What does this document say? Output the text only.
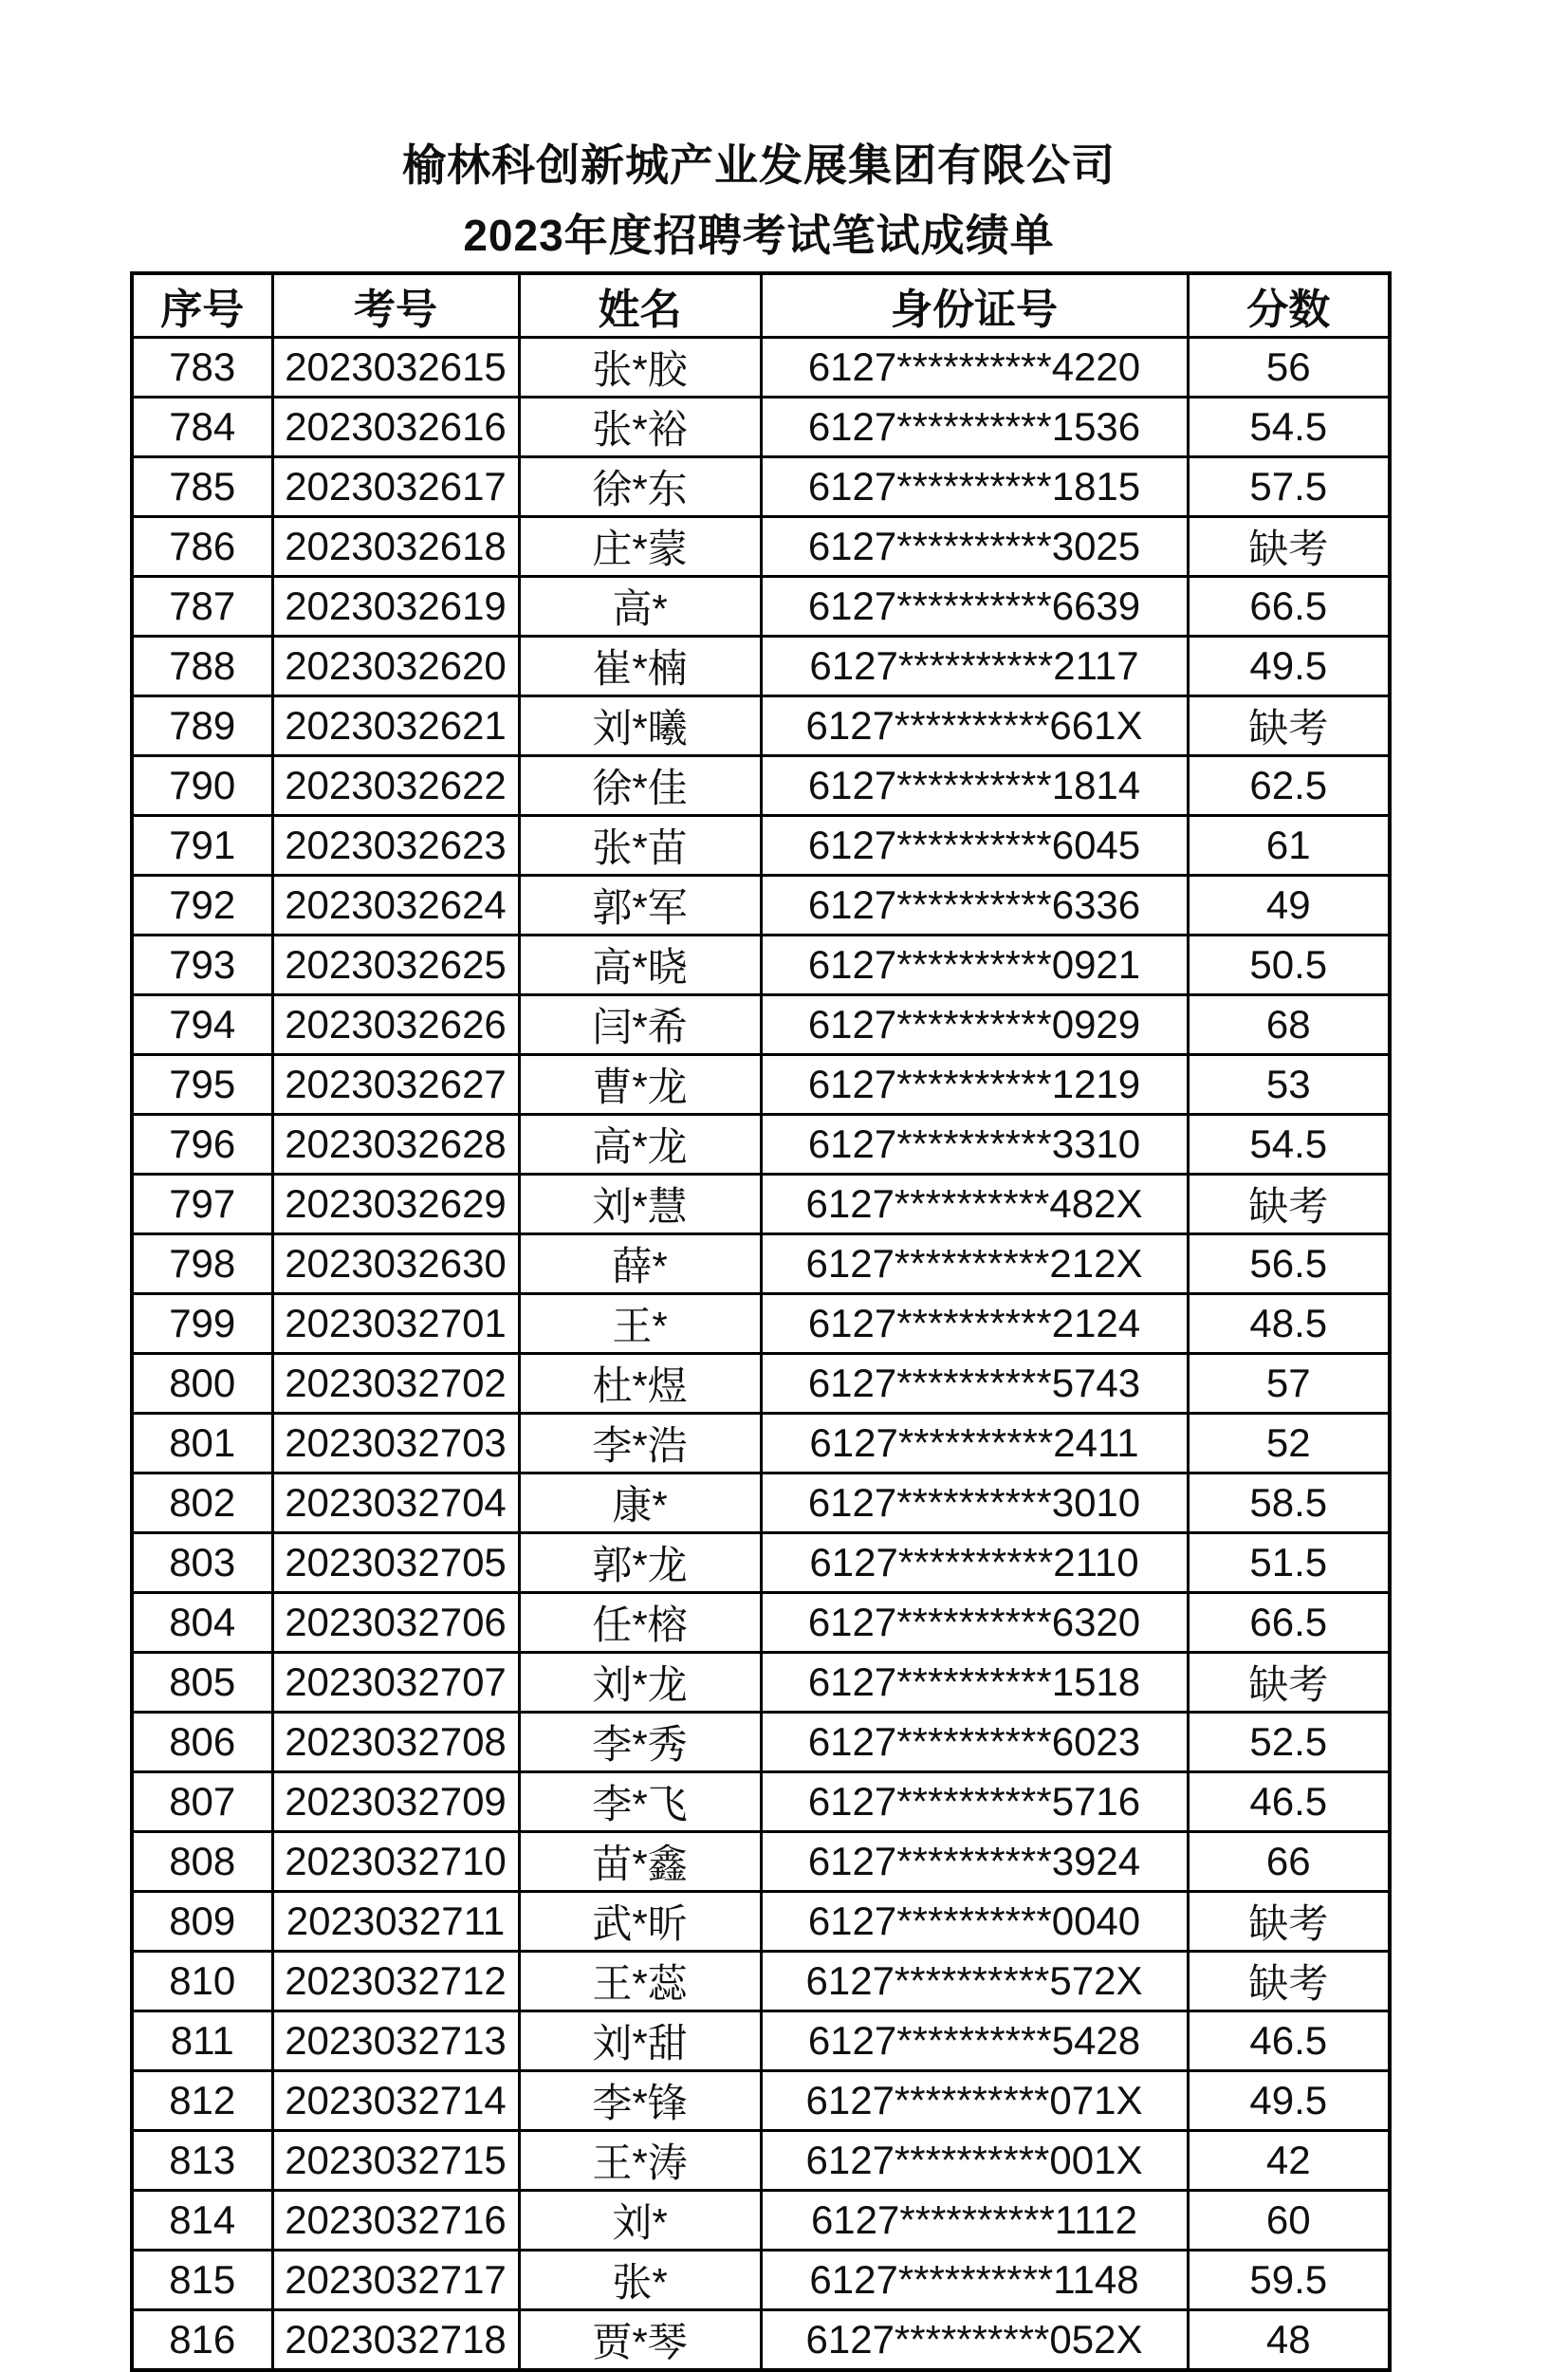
榆林科创新城产业发展集团有限公司
2023年度招聘考试笔试成绩单
序号	考号	姓名	身份证号	分数
783	2023032615	张*胶	6127**********4220	56
784	2023032616	张*裕	6127**********1536	54.5
785	2023032617	徐*东	6127**********1815	57.5
786	2023032618	庄*蒙	6127**********3025	缺考
787	2023032619	高*	6127**********6639	66.5
788	2023032620	崔*楠	6127**********2117	49.5
789	2023032621	刘*曦	6127**********661X	缺考
790	2023032622	徐*佳	6127**********1814	62.5
791	2023032623	张*苗	6127**********6045	61
792	2023032624	郭*军	6127**********6336	49
793	2023032625	高*晓	6127**********0921	50.5
794	2023032626	闫*希	6127**********0929	68
795	2023032627	曹*龙	6127**********1219	53
796	2023032628	高*龙	6127**********3310	54.5
797	2023032629	刘*慧	6127**********482X	缺考
798	2023032630	薛*	6127**********212X	56.5
799	2023032701	王*	6127**********2124	48.5
800	2023032702	杜*煜	6127**********5743	57
801	2023032703	李*浩	6127**********2411	52
802	2023032704	康*	6127**********3010	58.5
803	2023032705	郭*龙	6127**********2110	51.5
804	2023032706	任*榕	6127**********6320	66.5
805	2023032707	刘*龙	6127**********1518	缺考
806	2023032708	李*秀	6127**********6023	52.5
807	2023032709	李*飞	6127**********5716	46.5
808	2023032710	苗*鑫	6127**********3924	66
809	2023032711	武*昕	6127**********0040	缺考
810	2023032712	王*蕊	6127**********572X	缺考
811	2023032713	刘*甜	6127**********5428	46.5
812	2023032714	李*锋	6127**********071X	49.5
813	2023032715	王*涛	6127**********001X	42
814	2023032716	刘*	6127**********1112	60
815	2023032717	张*	6127**********1148	59.5
816	2023032718	贾*琴	6127**********052X	48
